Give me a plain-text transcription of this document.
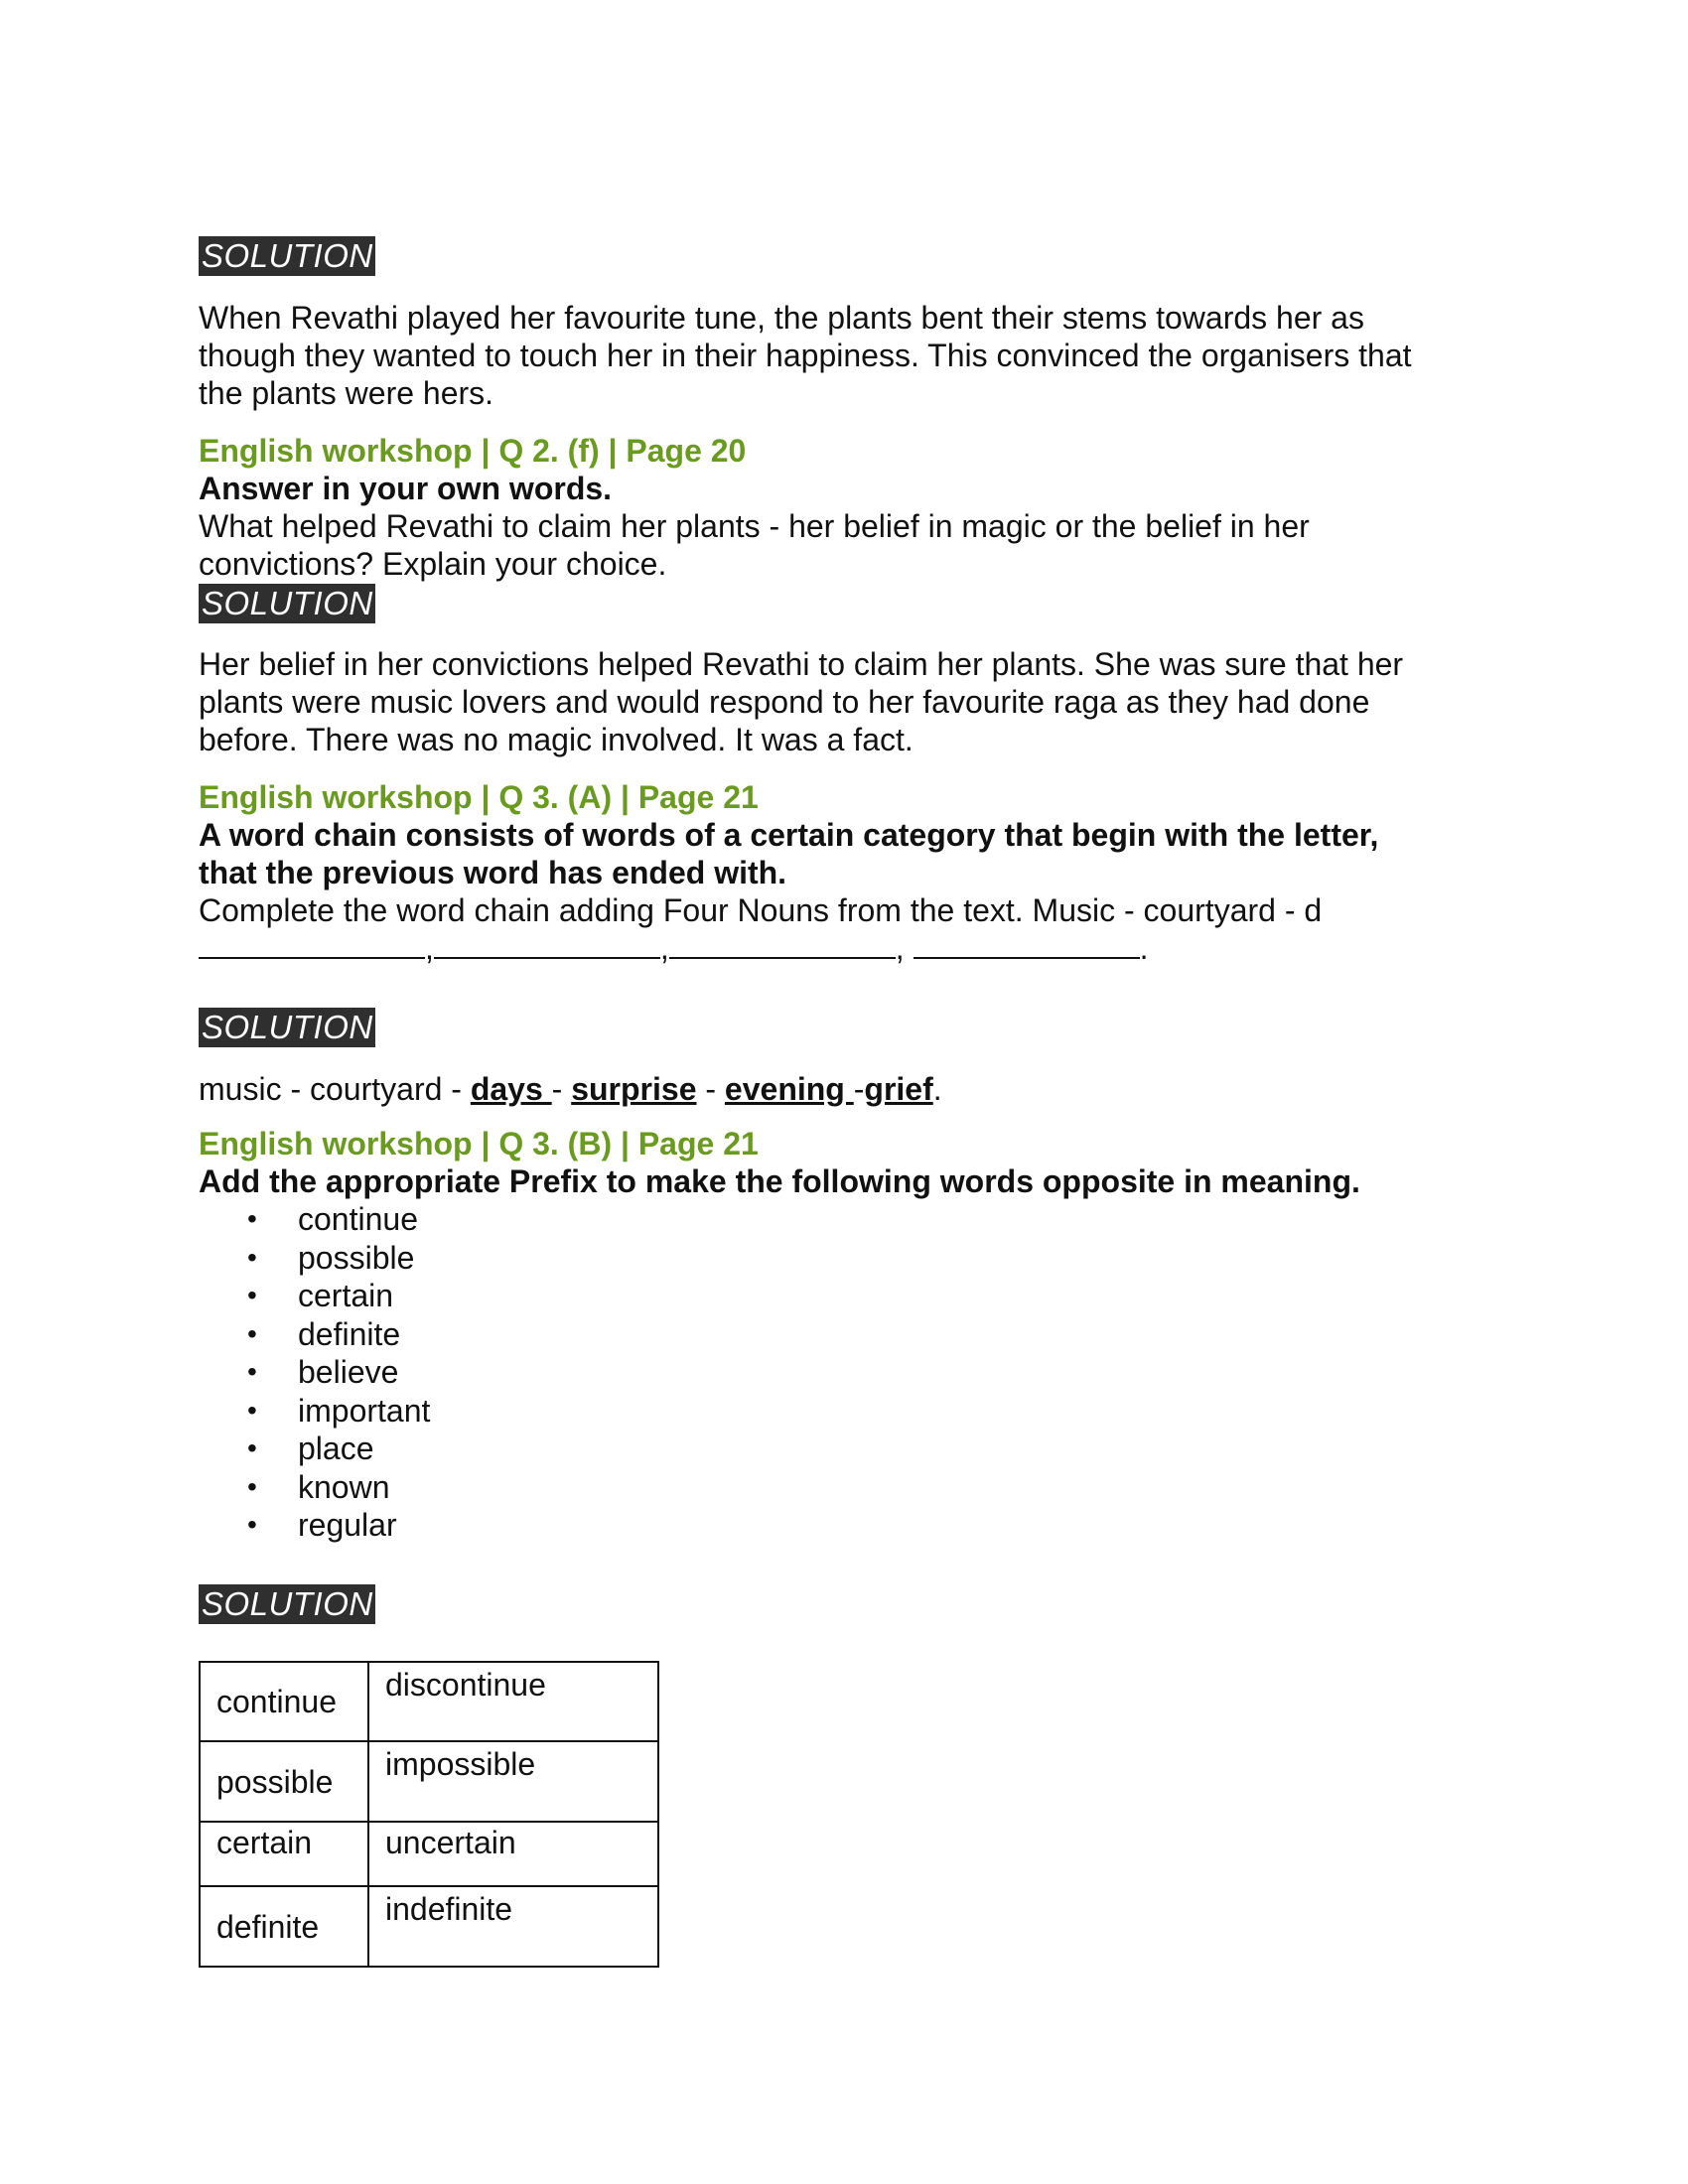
SOLUTION

When Revathi played her favourite tune, the plants bent their stems towards her as

though they wanted to touch her in their happiness. This convinced the organisers that

the plants were hers.

English workshop | Q 2. (f) | Page 20

Answer in your own words.

What helped Revathi to claim her plants - her belief in magic or the belief in her

convictions? Explain your choice.

SOLUTION

Her belief in her convictions helped Revathi to claim her plants. She was sure that her

plants were music lovers and would respond to her favourite raga as they had done

before. There was no magic involved. It was a fact.

English workshop | Q 3. (A) | Page 21

A word chain consists of words of a certain category that begin with the letter,

that the previous word has ended with.

Complete the word chain adding Four Nouns from the text. Music - courtyard - d

,	,	,	.

SOLUTION

music - courtyard - days - surprise - evening -grief.

English workshop | Q 3. (B) | Page 21

Add the appropriate Prefix to make the following words opposite in meaning.

• continue
• possible
• certain
• definite
• believe
• important
• place
• known
• regular
SOLUTION
continue	discontinue
possible	impossible
certain	uncertain
definite	indefinite
